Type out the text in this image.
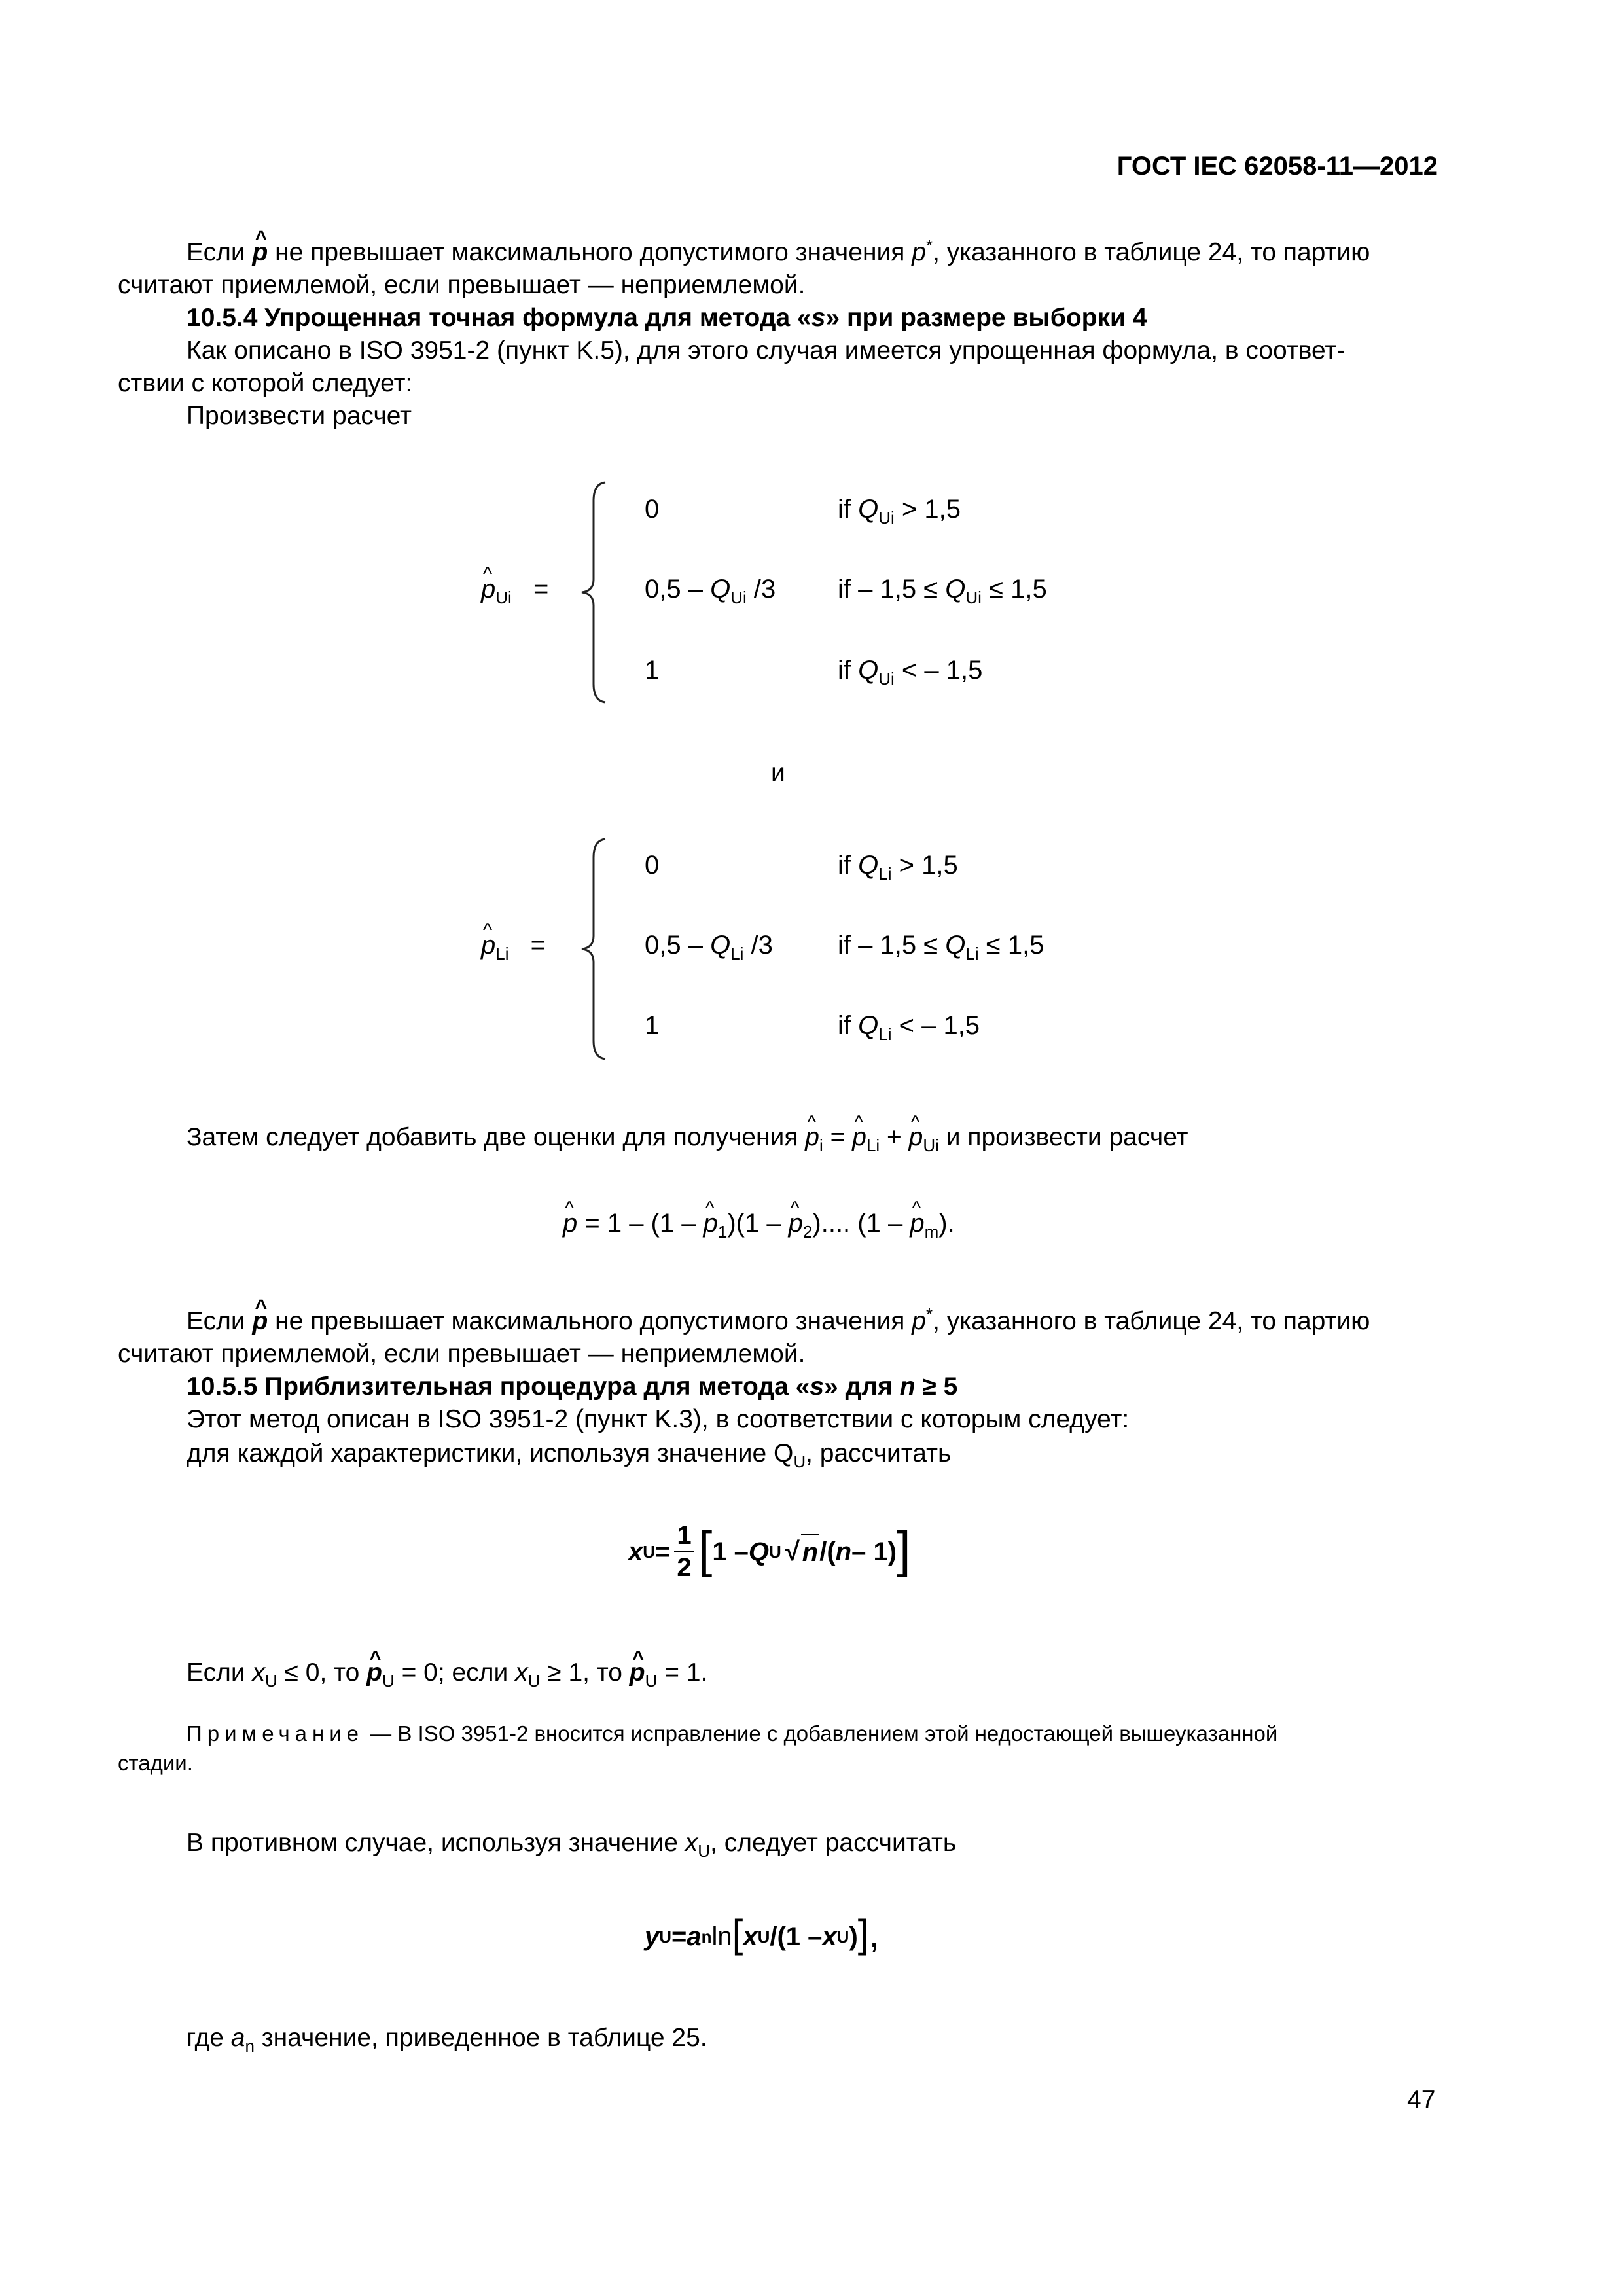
ГОСТ IEC 62058-11—2012
Если ^ p не превышает максимального допустимого значения p*, указанного в таблице 24, то партию
считают приемлемой, если превышает — неприемлемой.
10.5.4 Упрощенная точная формула для метода «s» при размере выборки 4
Как описано в ISO 3951-2 (пункт K.5), для этого случая имеется упрощенная формула, в соответ-
ствии с которой следует:
Произвести расчет
^ $p_{Ui}$ =
0	if $Q_{Ui} > 1,5$
$0,5 - Q_{Ui}$ /3 if – $1,5 \le Q_{Ui} \le 1,5$
1	if $Q_{Ui}$ < – 1,5
и
^ $p_{Li}$ =
0	if $Q_{Li} > 1,5$
$0,5 - Q_{Li}$ /3 if – $1,5 \le Q_{Li} \le 1,5$
1	if $Q_{Li}$ < – 1,5
Затем следует добавить две оценки для получения ^ $p_i$ = ^ $p_{Li}$ + ^ $p_{Ui}$ и произвести расчет
^ p = 1 – (1 – ^ $p_1)(1$ – ^ $p_2$).... (1 – ^ $p_m$).
Если ^ p не превышает максимального допустимого значения p*, указанного в таблице 24, то партию
считают приемлемой, если превышает — неприемлемой.
10.5.5 Приблизительная процедура для метода «s» для n ≥ 5
Этот метод описан в ISO 3951-2 (пункт K.3), в соответствии с которым следует:
для каждой характеристики, используя значение $Q_U$, рассчитать
x $U = \frac{1}{2}$ [ 1 – Q U √ n /( n – 1) ]
Если $x_U \le 0$, то ^ $p_U = 0$; если $x_U \ge 1$, то ^ $p_U = 1$.
Примечание — В ISO 3951-2 вносится исправление с добавлением этой недостающей вышеуказанной
стадии.
В противном случае, используя значение $x_U$, следует рассчитать
y U = a n ln [ x U /(1 – x U ) ],
где $a_n$ значение, приведенное в таблице 25.
47
